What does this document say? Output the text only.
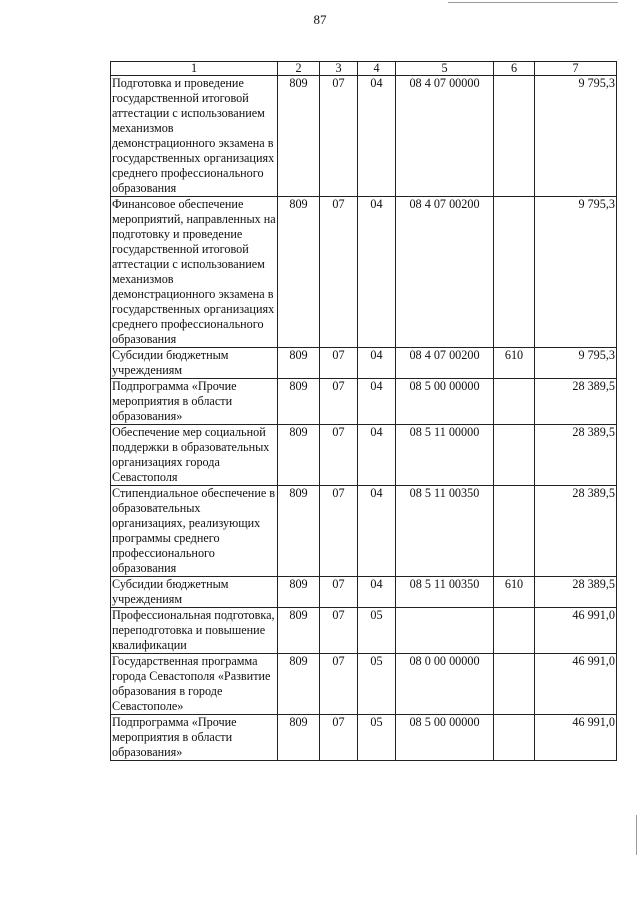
87
1	2	3	4	5	6	7
Подготовка и проведение государственной итоговой аттестации с использованием механизмов демонстрационного экзамена в государственных организациях среднего профессионального образования	809	07	04	08 4 07 00000		9 795,3
Финансовое обеспечение мероприятий, направленных на подготовку и проведение государственной итоговой аттестации с использованием механизмов демонстрационного экзамена в государственных организациях среднего профессионального образования	809	07	04	08 4 07 00200		9 795,3
Субсидии бюджетным учреждениям	809	07	04	08 4 07 00200	610	9 795,3
Подпрограмма «Прочие мероприятия в области образования»	809	07	04	08 5 00 00000		28 389,5
Обеспечение мер социальной поддержки в образовательных организациях города Севастополя	809	07	04	08 5 11 00000		28 389,5
Стипендиальное обеспечение в образовательных организациях, реализующих программы среднего профессионального образования	809	07	04	08 5 11 00350		28 389,5
Субсидии бюджетным учреждениям	809	07	04	08 5 11 00350	610	28 389,5
Профессиональная подготовка, переподготовка и повышение квалификации	809	07	05			46 991,0
Государственная программа города Севастополя «Развитие образования в городе Севастополе»	809	07	05	08 0 00 00000		46 991,0
Подпрограмма «Прочие мероприятия в области образования»	809	07	05	08 5 00 00000		46 991,0
